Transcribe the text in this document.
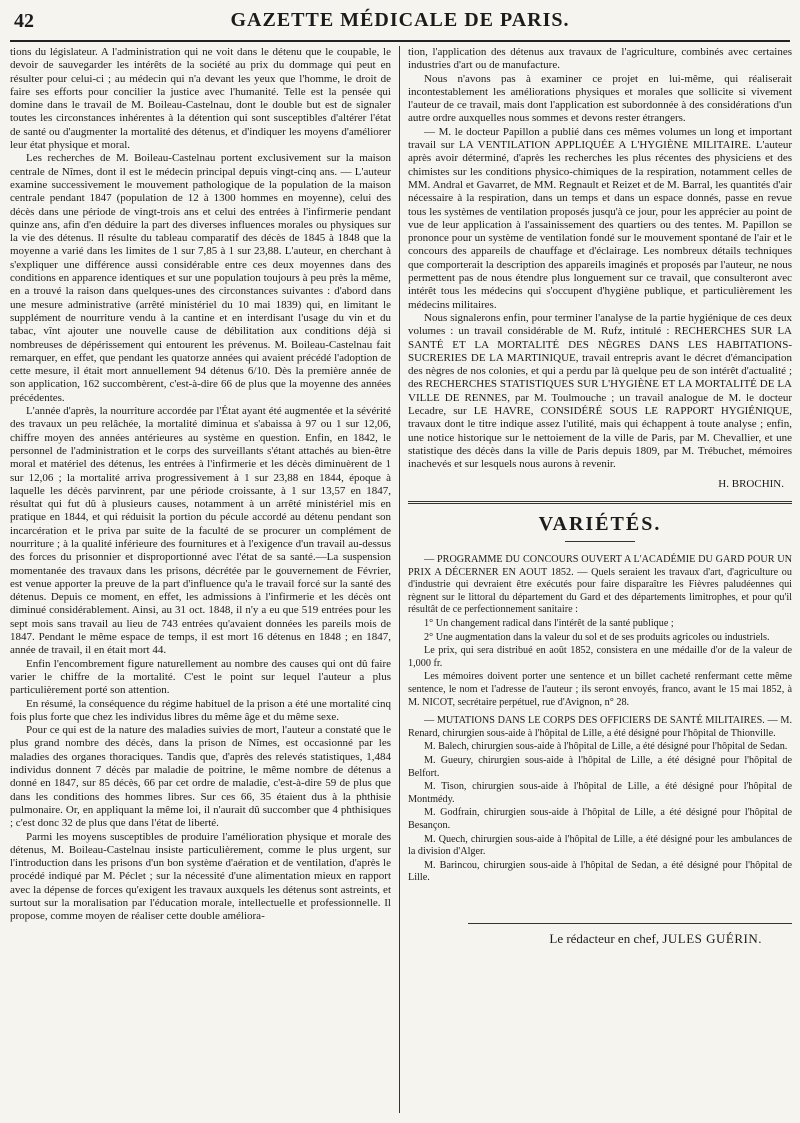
42	GAZETTE MÉDICALE DE PARIS.

tions du législateur. A l'administration qui ne voit dans le détenu que le coupable, le devoir de sauvegarder les intérêts de la société au prix du dommage qui peut en résulter pour celui-ci ; au médecin qui n'a devant les yeux que l'homme, le droit de faire ses efforts pour concilier la justice avec l'humanité. Telle est la pensée qui domine dans le travail de M. Boileau-Castelnau, dont le double but est de signaler toutes les circonstances inhérentes à la détention qui sont susceptibles d'altérer l'état de santé ou d'augmenter la mortalité des détenus, et d'indiquer les moyens d'améliorer leur état physique et moral.

Les recherches de M. Boileau-Castelnau portent exclusivement sur la maison centrale de Nîmes, dont il est le médecin principal depuis vingt-cinq ans. — L'auteur examine successivement le mouvement pathologique de la population de la maison centrale pendant 1847 (population de 12 à 1300 hommes en moyenne), celui des décès dans une période de vingt-trois ans et celui des entrées à l'infirmerie pendant quinze ans, afin d'en déduire la part des diverses influences morales ou physiques sur la vie des détenus. Il résulte du tableau comparatif des décès de 1845 à 1848 que la moyenne a varié dans les limites de 1 sur 7,85 à 1 sur 23,88. L'auteur, en cherchant à s'expliquer une différence aussi considérable entre ces deux moyennes dans des conditions en apparence identiques et sur une population toujours à peu près la même, en a trouvé la raison dans quelques-unes des circonstances suivantes : d'abord dans une mesure administrative (arrêté ministériel du 10 mai 1839) qui, en limitant le supplément de nourriture vendu à la cantine et en interdisant l'usage du vin et du tabac, vînt ajouter une nouvelle cause de débilitation aux conditions déjà si nombreuses de dépérissement qui entourent les prévenus. M. Boileau-Castelnau fait remarquer, en effet, que pendant les quatorze années qui avaient précédé l'adoption de cette mesure, il était mort annuellement 94 détenus 6/10. Dès la première année de son application, 162 succombèrent, c'est-à-dire 66 de plus que la moyenne des années précédentes.

L'année d'après, la nourriture accordée par l'État ayant été augmentée et la sévérité des travaux un peu relâchée, la mortalité diminua et s'abaissa à 97 ou 1 sur 12,06, chiffre moyen des années antérieures au système en question. Enfin, en 1842, le personnel de l'administration et le corps des surveillants s'étant attachés au bien-être moral et matériel des détenus, les entrées à l'infirmerie et les décès diminuèrent de 1 sur 12,06 ; la mortalité arriva progressivement à 1 sur 23,88 en 1844, époque à laquelle les décès parvinrent, par une période croissante, à 1 sur 13,57 en 1847, résultat qui fut dû à plusieurs causes, notamment à un arrêté ministériel mis en pratique en 1844, et qui réduisit la portion du pécule accordé au détenu pendant son incarcération et le priva par suite de la faculté de se procurer un complément de nourriture ; à la qualité inférieure des fournitures et à l'exigence d'un travail au-dessus des forces du prisonnier et disproportionné avec l'état de sa santé.—La suspension momentanée des travaux dans les prisons, décrétée par le gouvernement de Février, est venue apporter la preuve de la part d'influence qu'a le travail forcé sur la santé des détenus. Depuis ce moment, en effet, les admissions à l'infirmerie et les décès ont diminué considérablement. Ainsi, au 31 oct. 1848, il n'y a eu que 519 entrées pour les sept mois sans travail au lieu de 743 entrées qu'avaient données les pareils mois de 1847. Pendant le même espace de temps, il est mort 16 détenus en 1848 ; en 1847, année de travail, il en était mort 44.

Enfin l'encombrement figure naturellement au nombre des causes qui ont dû faire varier le chiffre de la mortalité. C'est le point sur lequel l'auteur a plus particulièrement porté son attention.

En résumé, la conséquence du régime habituel de la prison a été une mortalité cinq fois plus forte que chez les individus libres du même âge et du même sexe.

Pour ce qui est de la nature des maladies suivies de mort, l'auteur a constaté que le plus grand nombre des décès, dans la prison de Nîmes, est occasionné par les maladies des organes thoraciques. Tandis que, d'après des relevés statistiques, 1,484 individus donnent 7 décès par maladie de poitrine, le même nombre de détenus a donné en 1847, sur 85 décès, 66 par cet ordre de maladie, c'est-à-dire 59 de plus que dans les conditions des hommes libres. Sur ces 66, 35 étaient dus à la phthisie pulmonaire. Or, en appliquant la même loi, il n'aurait dû succomber que 4 phthisiques ; c'est donc 32 de plus que dans l'état de liberté.

Parmi les moyens susceptibles de produire l'amélioration physique et morale des détenus, M. Boileau-Castelnau insiste particulièrement, comme le plus urgent, sur l'introduction dans les prisons d'un bon système d'aération et de ventilation, d'après le procédé indiqué par M. Péclet ; sur la nécessité d'une alimentation mieux en rapport avec la dépense de forces qu'exigent les travaux auxquels les détenus sont astreints, et surtout sur la moralisation par l'éducation morale, intellectuelle et professionnelle. Il propose, comme moyen de réaliser cette double améliora-

tion, l'application des détenus aux travaux de l'agriculture, combinés avec certaines industries d'art ou de manufacture.

Nous n'avons pas à examiner ce projet en lui-même, qui réaliserait incontestablement les améliorations physiques et morales que sollicite si vivement l'auteur de ce travail, mais dont l'application est subordonnée à des considérations d'un autre ordre auxquelles nous sommes et devons rester étrangers.

— M. le docteur Papillon a publié dans ces mêmes volumes un long et important travail sur LA VENTILATION APPLIQUÉE A L'HYGIÈNE MILITAIRE. L'auteur après avoir déterminé, d'après les recherches les plus récentes des physiciens et des chimistes sur les conditions physico-chimiques de la respiration, notamment celles de MM. Andral et Gavarret, de MM. Regnault et Reizet et de M. Barral, les quantités d'air nécessaire à la respiration, dans un temps et dans un espace donnés, passe en revue tous les systèmes de ventilation proposés jusqu'à ce jour, pour les apprécier au point de vue de leur application à l'assainissement des quartiers ou des tentes. M. Papillon se prononce pour un système de ventilation fondé sur le mouvement spontané de l'air et le concours des appareils de chauffage et d'éclairage. Les nombreux détails techniques que comporterait la description des appareils imaginés et proposés par l'auteur, ne nous permettent pas de nous étendre plus longuement sur ce travail, que consulteront avec intérêt tous les médecins qui s'occupent d'hygiène publique, et particulièrement les médecins militaires.

Nous signalerons enfin, pour terminer l'analyse de la partie hygiénique de ces deux volumes : un travail considérable de M. Rufz, intitulé : RECHERCHES SUR LA SANTÉ ET LA MORTALITÉ DES NÈGRES DANS LES HABITATIONS-SUCRERIES DE LA MARTINIQUE, travail entrepris avant le décret d'émancipation des nègres de nos colonies, et qui a perdu par là quelque peu de son intérêt d'actualité ; des RECHERCHES STATISTIQUES SUR L'HYGIÈNE ET LA MORTALITÉ DE LA VILLE DE RENNES, par M. Toulmouche ; un travail analogue de M. le docteur Lecadre, sur LE HAVRE, CONSIDÉRÉ SOUS LE RAPPORT HYGIÉNIQUE, travaux dont le titre indique assez l'utilité, mais qui échappent à toute analyse ; enfin, une notice historique sur le nettoiement de la ville de Paris, par M. Chevallier, et une statistique des décès dans la ville de Paris depuis 1809, par M. Trébuchet, mémoires inachevés et sur lesquels nous aurons à revenir.

H. BROCHIN.
VARIÉTÉS.

— PROGRAMME DU CONCOURS OUVERT A L'ACADÉMIE DU GARD POUR UN PRIX A DÉCERNER EN AOUT 1852. — Quels seraient les travaux d'art, d'agriculture ou d'industrie qui devraient être exécutés pour faire disparaître les Fièvres paludéennes qui règnent sur le littoral du département du Gard et des départements limitrophes, et pour qu'il résultât de ce perfectionnement sanitaire :

1° Un changement radical dans l'intérêt de la santé publique ;

2° Une augmentation dans la valeur du sol et de ses produits agricoles ou industriels.

Le prix, qui sera distribué en août 1852, consistera en une médaille d'or de la valeur de 1,000 fr.

Les mémoires doivent porter une sentence et un billet cacheté renfermant cette même sentence, le nom et l'adresse de l'auteur ; ils seront envoyés, franco, avant le 15 mai 1852, à M. NICOT, secrétaire perpétuel, rue d'Avignon, n° 28.

— MUTATIONS DANS LE CORPS DES OFFICIERS DE SANTÉ MILITAIRES. — M. Renard, chirurgien sous-aide à l'hôpital de Lille, a été désigné pour l'hôpital de Thionville.

M. Balech, chirurgien sous-aide à l'hôpital de Lille, a été désigné pour l'hôpital de Sedan.

M. Gueury, chirurgien sous-aide à l'hôpital de Lille, a été désigné pour l'hôpital de Belfort.

M. Tison, chirurgien sous-aide à l'hôpital de Lille, a été désigné pour l'hôpital de Montmédy.

M. Godfrain, chirurgien sous-aide à l'hôpital de Lille, a été désigné pour l'hôpital de Besançon.

M. Quech, chirurgien sous-aide à l'hôpital de Lille, a été désigné pour les ambulances de la division d'Alger.

M. Barincou, chirurgien sous-aide à l'hôpital de Sedan, a été désigné pour l'hôpital de Lille.

Le rédacteur en chef, JULES GUÉRIN.
